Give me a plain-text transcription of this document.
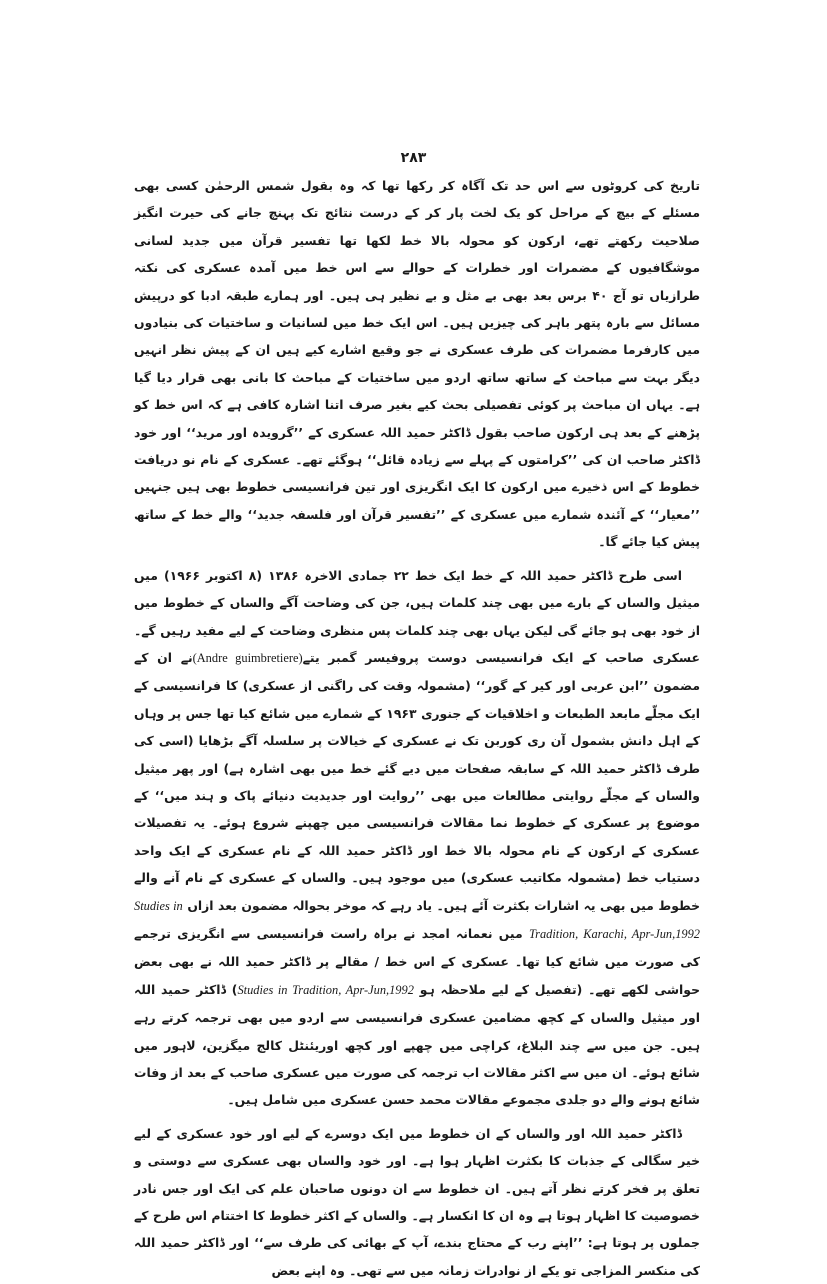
۲۸۳

تاریخ کی کروٹوں سے اس حد تک آگاہ کر رکھا تھا کہ وہ بقول شمس الرحمٰن کسی بھی مسئلے کے بیچ کے مراحل کو یک لخت پار کر کے درست نتائج تک پہنچ جانے کی حیرت انگیز صلاحیت رکھتے تھے، ارکون کو محولہ بالا خط لکھا تھا تفسیر قرآن میں جدید لسانی موشگافیوں کے مضمرات اور خطرات کے حوالے سے اس خط میں آمدہ عسکری کی نکتہ طرازیاں تو آج ۴۰ برس بعد بھی بے مثل و بے نظیر ہی ہیں۔ اور ہمارے طبقہ ادبا کو درپیش مسائل سے بارہ پتھر باہر کی چیزیں ہیں۔ اس ایک خط میں لسانیات و ساختیات کی بنیادوں میں کارفرما مضمرات کی طرف عسکری نے جو وقیع اشارے کیے ہیں ان کے پیش نظر انہیں دیگر بہت سے مباحث کے ساتھ ساتھ اردو میں ساختیات کے مباحث کا بانی بھی قرار دیا گیا ہے۔ یہاں ان مباحث پر کوئی تفصیلی بحث کیے بغیر صرف اتنا اشارہ کافی ہے کہ اس خط کو پڑھنے کے بعد ہی ارکون صاحب بقول ڈاکٹر حمید اللہ عسکری کے ’’گرویدہ اور مرید‘‘ اور خود ڈاکٹر صاحب ان کی ’’کرامتوں کے پہلے سے زیادہ قائل‘‘ ہوگئے تھے۔ عسکری کے نام نو دریافت خطوط کے اس ذخیرے میں ارکون کا ایک انگریزی اور تین فرانسیسی خطوط بھی ہیں جنہیں ’’معیار‘‘ کے آئندہ شمارے میں عسکری کے ’’تفسیر قرآن اور فلسفہ جدید‘‘ والے خط کے ساتھ پیش کیا جائے گا۔

اسی طرح ڈاکٹر حمید اللہ کے خط ایک خط ۲۲ جمادی الاخرہ ۱۳۸۶ (۸ اکتوبر ۱۹۶۶) میں میثیل والساں کے بارے میں بھی چند کلمات ہیں، جن کی وضاحت آگے والساں کے خطوط میں از خود بھی ہو جائے گی لیکن یہاں بھی چند کلمات پس منظری وضاحت کے لیے مفید رہیں گے۔ عسکری صاحب کے ایک فرانسیسی دوست پروفیسر گمبر یتے(Andre guimbretiere)نے ان کے مضمون ’’ابن عربی اور کیر کے گور‘‘ (مشمولہ وقت کی راگنی از عسکری) کا فرانسیسی کے ایک مجلّے مابعد الطبعات و اخلاقیات کے جنوری ۱۹۶۳ کے شمارے میں شائع کیا تھا جس پر وہاں کے اہل دانش بشمول آن ری کوربن تک نے عسکری کے خیالات پر سلسلہ آگے بڑھایا (اسی کی طرف ڈاکٹر حمید اللہ کے سابقہ صفحات میں دیے گئے خط میں بھی اشارہ ہے) اور پھر میثیل والساں کے مجلّے روایتی مطالعات میں بھی ’’روایت اور جدیدیت دنیائے پاک و ہند میں‘‘ کے موضوع پر عسکری کے خطوط نما مقالات فرانسیسی میں چھپنے شروع ہوئے۔ یہ تفصیلات عسکری کے ارکون کے نام محولہ بالا خط اور ڈاکٹر حمید اللہ کے نام عسکری کے ایک واحد دستیاب خط (مشمولہ مکاتیب عسکری) میں موجود ہیں۔ والساں کے عسکری کے نام آنے والے خطوط میں بھی یہ اشارات بکثرت آئے ہیں۔ یاد رہے کہ موخر بحوالہ مضمون بعد ازاں Studies in Tradition, Karachi, Apr-Jun,1992 میں نعمانہ امجد نے براہ راست فرانسیسی سے انگریزی ترجمے کی صورت میں شائع کیا تھا۔ عسکری کے اس خط / مقالے پر ڈاکٹر حمید اللہ نے بھی بعض حواشی لکھے تھے۔ (تفصیل کے لیے ملاحظہ ہو Studies in Tradition, Apr-Jun,1992) ڈاکٹر حمید اللہ اور میثیل والساں کے کچھ مضامین عسکری فرانسیسی سے اردو میں بھی ترجمہ کرتے رہے ہیں۔ جن میں سے چند البلاغ، کراچی میں چھپے اور کچھ اوریئنٹل کالج میگزین، لاہور میں شائع ہوئے۔ ان میں سے اکثر مقالات اب ترجمہ کی صورت میں عسکری صاحب کے بعد از وفات شائع ہونے والے دو جلدی مجموعے مقالات محمد حسن عسکری میں شامل ہیں۔

ڈاکٹر حمید اللہ اور والساں کے ان خطوط میں ایک دوسرے کے لیے اور خود عسکری کے لیے خیر سگالی کے جذبات کا بکثرت اظہار ہوا ہے۔ اور خود والساں بھی عسکری سے دوستی و تعلق پر فخر کرتے نظر آتے ہیں۔ ان خطوط سے ان دونوں صاحبان علم کی ایک اور جس نادر خصوصیت کا اظہار ہوتا ہے وہ ان کا انکسار ہے۔ والساں کے اکثر خطوط کا اختتام اس طرح کے جملوں پر ہوتا ہے: ’’اپنے رب کے محتاج بندے، آپ کے بھائی کی طرف سے‘‘ اور ڈاکٹر حمید اللہ کی منکسر المزاجی تو یکے از نوادرات زمانہ میں سے تھی۔ وہ اپنے بعض
